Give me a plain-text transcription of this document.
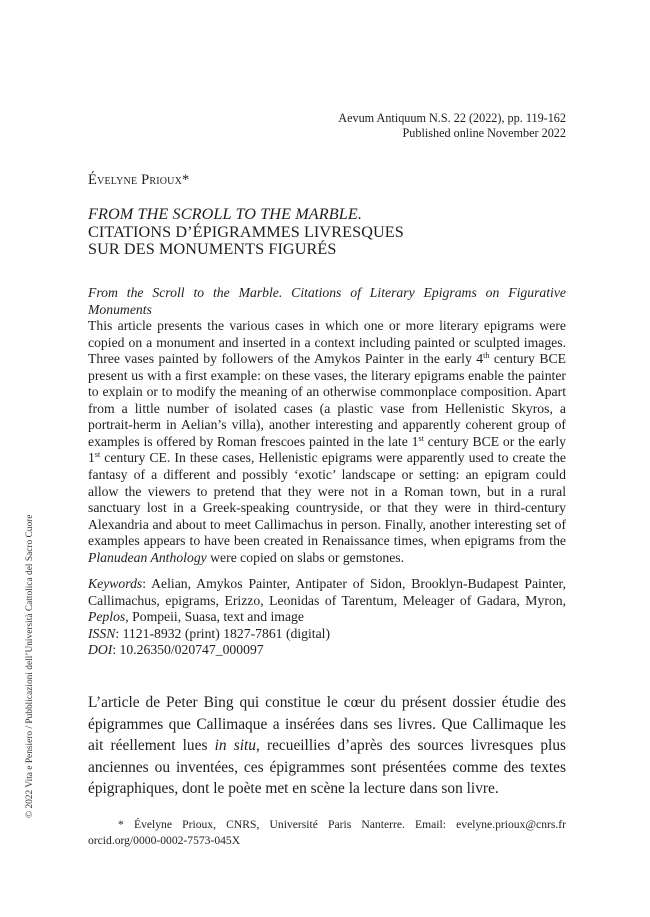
Aevum Antiquum N.S. 22 (2022), pp. 119-162
Published online November 2022
Évelyne Prioux*
FROM THE SCROLL TO THE MARBLE.
CITATIONS D’ÉPIGRAMMES LIVRESQUES
SUR DES MONUMENTS FIGURÉS

From the Scroll to the Marble. Citations of Literary Epigrams on Figurative Monuments

This article presents the various cases in which one or more literary epigrams were copied on a monument and inserted in a context including painted or sculpted images. Three vases painted by followers of the Amykos Painter in the early 4th century BCE present us with a first example: on these vases, the literary epigrams enable the painter to explain or to modify the meaning of an otherwise commonplace composition. Apart from a little number of isolated cases (a plastic vase from Hellenistic Skyros, a portrait-herm in Aelian’s villa), another interesting and apparently coherent group of examples is offered by Roman frescoes painted in the late 1st century BCE or the early 1st century CE. In these cases, Hellenistic epigrams were apparently used to create the fantasy of a different and possibly ‘exotic’ landscape or setting: an epigram could allow the viewers to pretend that they were not in a Roman town, but in a rural sanctuary lost in a Greek-speaking countryside, or that they were in third-century Alexandria and about to meet Callimachus in person. Finally, another interesting set of examples appears to have been created in Renaissance times, when epigrams from the Planudean Anthology were copied on slabs or gemstones.

Keywords: Aelian, Amykos Painter, Antipater of Sidon, Brooklyn-Budapest Painter, Callimachus, epigrams, Erizzo, Leonidas of Tarentum, Meleager of Gadara, Myron, Peplos, Pompeii, Suasa, text and image

ISSN: 1121-8932 (print) 1827-7861 (digital)

DOI: 10.26350/020747_000097

L’article de Peter Bing qui constitue le cœur du présent dossier étudie des épigrammes que Callimaque a insérées dans ses livres. Que Callimaque les ait réellement lues in situ, recueillies d’après des sources livresques plus anciennes ou inventées, ces épigrammes sont présentées comme des textes épigraphiques, dont le poète met en scène la lecture dans son livre.

* Évelyne Prioux, CNRS, Université Paris Nanterre. Email: evelyne.prioux@cnrs.fr orcid.org/0000-0002-7573-045X

© 2022 Vita e Pensiero / Pubblicazioni dell’Università Cattolica del Sacro Cuore
